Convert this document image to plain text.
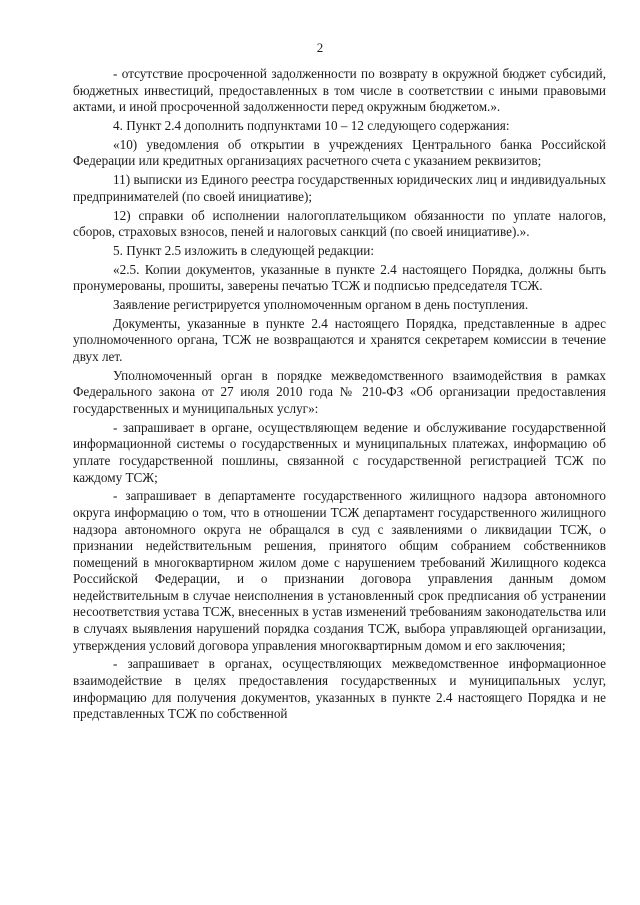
2

- отсутствие просроченной задолженности по возврату в окружной бюджет субсидий, бюджетных инвестиций, предоставленных в том числе в соответствии с иными правовыми актами, и иной просроченной задолженности перед окружным бюджетом.».

4. Пункт 2.4 дополнить подпунктами 10 – 12 следующего содержания:

«10) уведомления об открытии в учреждениях Центрального банка Российской Федерации или кредитных организациях расчетного счета с указанием реквизитов;

11) выписки из Единого реестра государственных юридических лиц и индивидуальных предпринимателей (по своей инициативе);

12) справки об исполнении налогоплательщиком обязанности по уплате налогов, сборов, страховых взносов, пеней и налоговых санкций (по своей инициативе).».

5. Пункт 2.5 изложить в следующей редакции:

«2.5. Копии документов, указанные в пункте 2.4 настоящего Порядка, должны быть пронумерованы, прошиты, заверены печатью ТСЖ и подписью председателя ТСЖ.

Заявление регистрируется уполномоченным органом в день поступления.

Документы, указанные в пункте 2.4 настоящего Порядка, представленные в адрес уполномоченного органа, ТСЖ не возвращаются и хранятся секретарем комиссии в течение двух лет.

Уполномоченный орган в порядке межведомственного взаимодействия в рамках Федерального закона от 27 июля 2010 года № 210-ФЗ «Об организации предоставления государственных и муниципальных услуг»:

- запрашивает в органе, осуществляющем ведение и обслуживание государственной информационной системы о государственных и муниципальных платежах, информацию об уплате государственной пошлины, связанной с государственной регистрацией ТСЖ по каждому ТСЖ;

- запрашивает в департаменте государственного жилищного надзора автономного округа информацию о том, что в отношении ТСЖ департамент государственного жилищного надзора автономного округа не обращался в суд с заявлениями о ликвидации ТСЖ, о признании недействительным решения, принятого общим собранием собственников помещений в многоквартирном жилом доме с нарушением требований Жилищного кодекса Российской Федерации, и о признании договора управления данным домом недействительным в случае неисполнения в установленный срок предписания об устранении несоответствия устава ТСЖ, внесенных в устав изменений требованиям законодательства или в случаях выявления нарушений порядка создания ТСЖ, выбора управляющей организации, утверждения условий договора управления многоквартирным домом и его заключения;

- запрашивает в органах, осуществляющих межведомственное информационное взаимодействие в целях предоставления государственных и муниципальных услуг, информацию для получения документов, указанных в пункте 2.4 настоящего Порядка и не представленных ТСЖ по собственной
